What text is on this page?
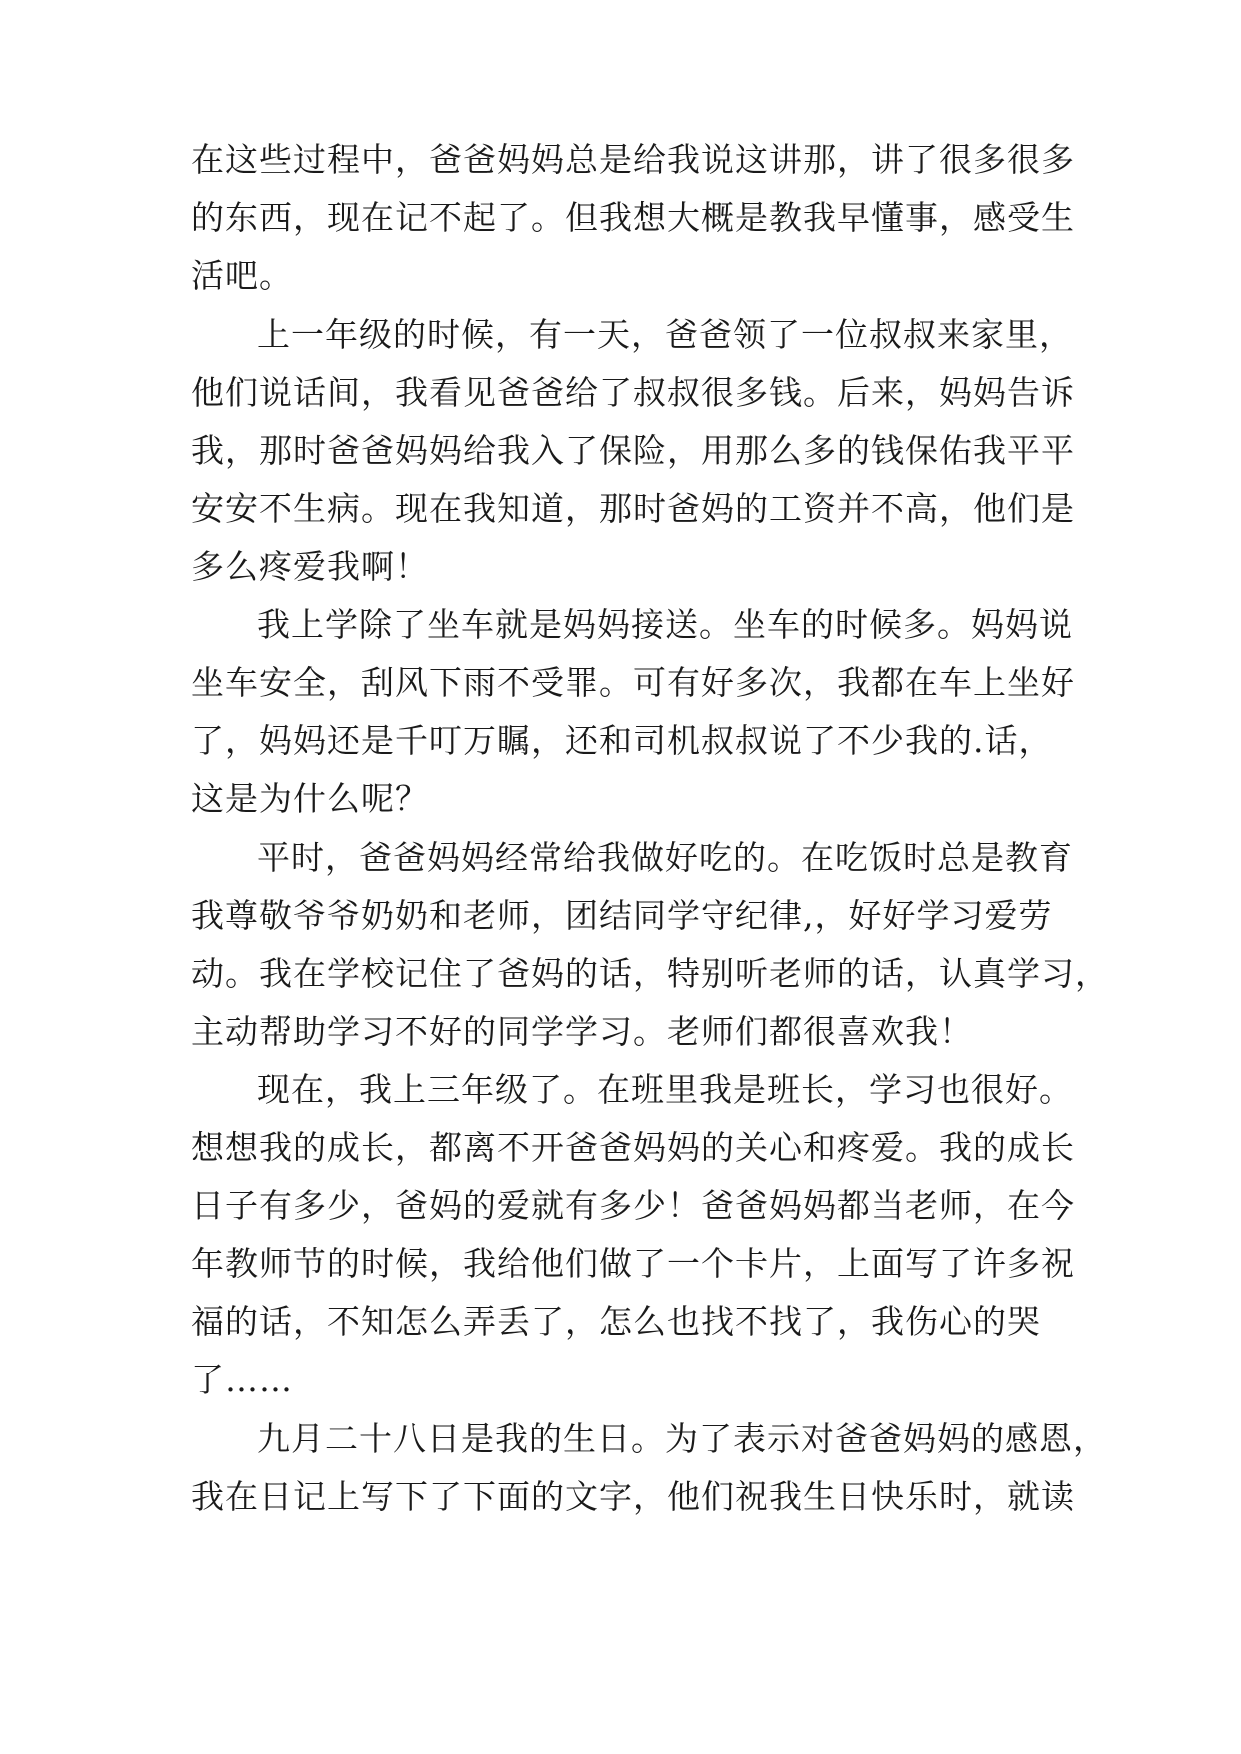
在这些过程中，爸爸妈妈总是给我说这讲那，讲了很多很多
的东西，现在记不起了。但我想大概是教我早懂事，感受生
活吧。
上一年级的时候，有一天，爸爸领了一位叔叔来家里，
他们说话间，我看见爸爸给了叔叔很多钱。后来，妈妈告诉
我，那时爸爸妈妈给我入了保险，用那么多的钱保佑我平平
安安不生病。现在我知道，那时爸妈的工资并不高，他们是
多么疼爱我啊！
我上学除了坐车就是妈妈接送。坐车的时候多。妈妈说
坐车安全，刮风下雨不受罪。可有好多次，我都在车上坐好
了，妈妈还是千叮万瞩，还和司机叔叔说了不少我的.话，
这是为什么呢？
平时，爸爸妈妈经常给我做好吃的。在吃饭时总是教育
我尊敬爷爷奶奶和老师，团结同学守纪律,，好好学习爱劳
动。我在学校记住了爸妈的话，特别听老师的话，认真学习，
主动帮助学习不好的同学学习。老师们都很喜欢我！
现在，我上三年级了。在班里我是班长，学习也很好。
想想我的成长，都离不开爸爸妈妈的关心和疼爱。我的成长
日子有多少，爸妈的爱就有多少！爸爸妈妈都当老师，在今
年教师节的时候，我给他们做了一个卡片，上面写了许多祝
福的话，不知怎么弄丢了，怎么也找不找了，我伤心的哭
了……
九月二十八日是我的生日。为了表示对爸爸妈妈的感恩，
我在日记上写下了下面的文字，他们祝我生日快乐时，就读
